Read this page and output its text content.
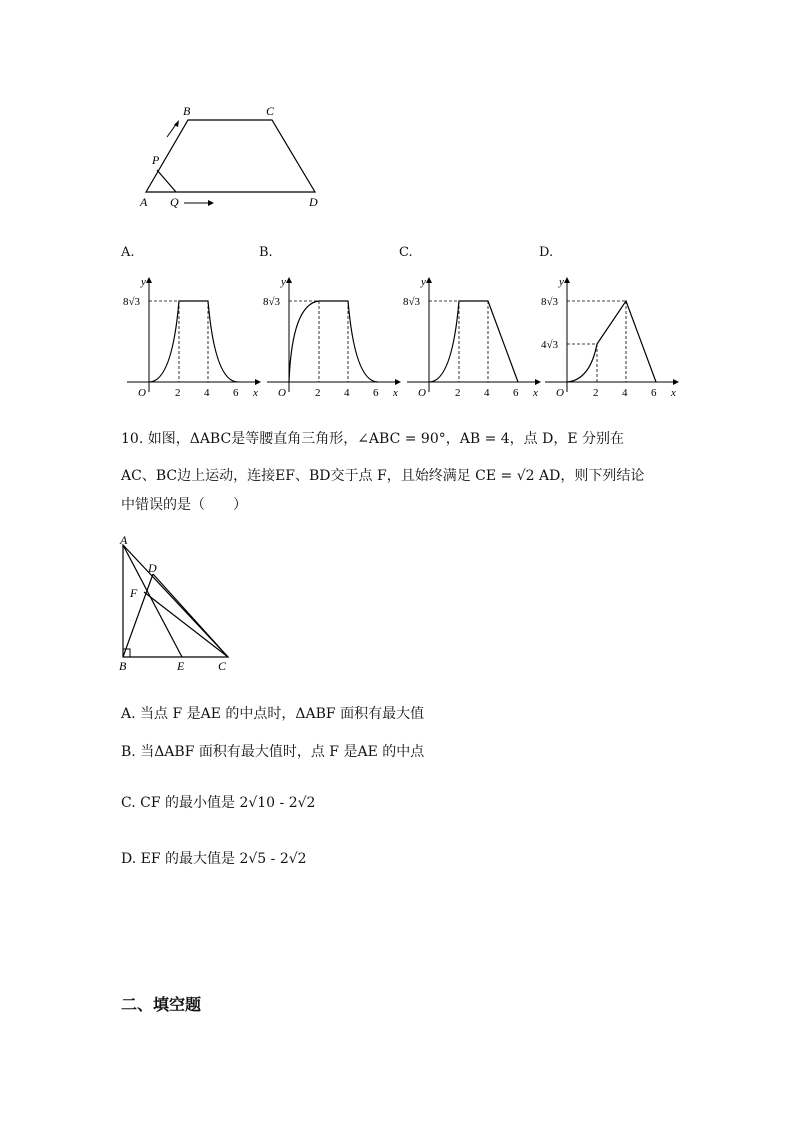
B	C
P
A Q	D
A.	B.	C.	D.
y
8√3
O	2 4 6 x
y
8√3
O	2 4 6 x
y
8√3
O	2 4 6 x
y
8√3
4√3
O	2 4 6 x
10. 如图，ΔABC是等腰直角三角形，∠ABC = 90°，AB = 4，点 D，E 分别在
AC、BC边上运动，连接EF、BD交于点 F，且始终满足 CE = √2 AD，则下列结论
中错误的是（　　）
A
D
F
B	E	C
A. 当点 F 是AE 的中点时，ΔABF 面积有最大值
B. 当ΔABF 面积有最大值时，点 F 是AE 的中点
C. CF 的最小值是 2√10 - 2√2
D. EF 的最大值是 2√5 - 2√2
二、填空题
